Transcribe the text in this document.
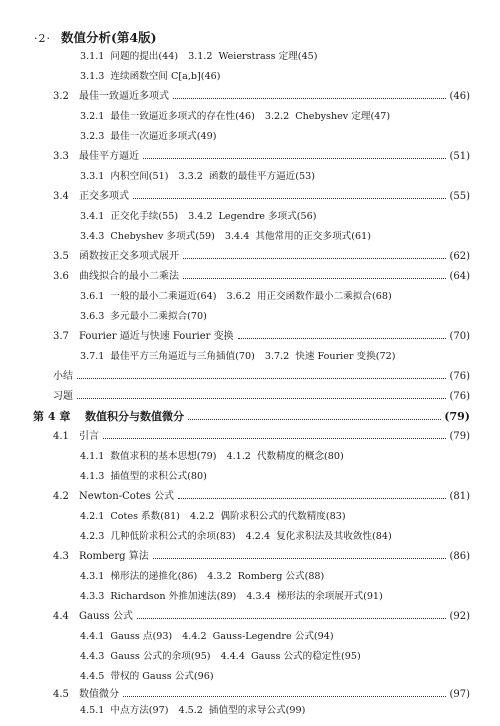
·2· 数值分析(第4版)
3.1.1 问题的提出(44) 3.1.2 Weierstrass 定理(45)
3.1.3 连续函数空间 C[a,b](46)
3.2	最佳一致逼近多项式	(46)
3.2.1 最佳一致逼近多项式的存在性(46) 3.2.2 Chebyshev 定理(47)
3.2.3 最佳一次逼近多项式(49)
3.3	最佳平方逼近	(51)
3.3.1 内积空间(51) 3.3.2 函数的最佳平方逼近(53)
3.4	正交多项式	(55)
3.4.1 正交化手续(55) 3.4.2 Legendre 多项式(56)
3.4.3 Chebyshev 多项式(59) 3.4.4 其他常用的正交多项式(61)
3.5	函数按正交多项式展开	(62)
3.6	曲线拟合的最小二乘法	(64)
3.6.1 一般的最小二乘逼近(64) 3.6.2 用正交函数作最小二乘拟合(68)
3.6.3 多元最小二乘拟合(70)
3.7	Fourier 逼近与快速 Fourier 变换	(70)
3.7.1 最佳平方三角逼近与三角插值(70) 3.7.2 快速 Fourier 变换(72)
小结	(76)
习题	(76)
第 4 章	数值积分与数值微分	(79)
4.1	引言	(79)
4.1.1 数值求积的基本思想(79) 4.1.2 代数精度的概念(80)
4.1.3 插值型的求积公式(80)
4.2	Newton-Cotes 公式	(81)
4.2.1 Cotes 系数(81) 4.2.2 偶阶求积公式的代数精度(83)
4.2.3 几种低阶求积公式的余项(83) 4.2.4 复化求积法及其收敛性(84)
4.3	Romberg 算法	(86)
4.3.1 梯形法的递推化(86) 4.3.2 Romberg 公式(88)
4.3.3 Richardson 外推加速法(89) 4.3.4 梯形法的余项展开式(91)
4.4	Gauss 公式	(92)
4.4.1 Gauss 点(93) 4.4.2 Gauss-Legendre 公式(94)
4.4.3 Gauss 公式的余项(95) 4.4.4 Gauss 公式的稳定性(95)
4.4.5 带权的 Gauss 公式(96)
4.5	数值微分	(97)
4.5.1 中点方法(97) 4.5.2 插值型的求导公式(99)
